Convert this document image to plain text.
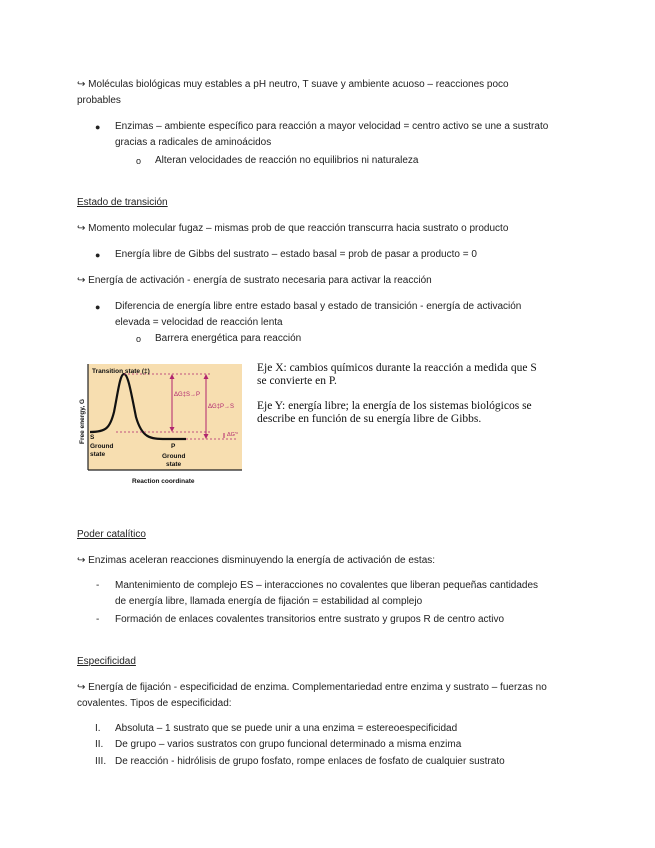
↪ Moléculas biológicas muy estables a pH neutro, T suave y ambiente acuoso – reacciones poco
probables
● Enzimas – ambiente específico para reacción a mayor velocidad = centro activo se une a sustrato
gracias a radicales de aminoácidos
o Alteran velocidades de reacción no equilibrios ni naturaleza
Estado de transición
↪ Momento molecular fugaz – mismas prob de que reacción transcurra hacia sustrato o producto
● Energía libre de Gibbs del sustrato – estado basal = prob de pasar a producto = 0
↪ Energía de activación - energía de sustrato necesaria para activar la reacción
● Diferencia de energía libre entre estado basal y estado de transición - energía de activación
elevada = velocidad de reacción lenta
o Barrera energética para reacción
Transition state (‡)
ΔG‡S→P
ΔG‡P→S
ΔG'°
S
Ground
state
P
Ground
state
Free energy, G
Reaction coordinate
Eje X: cambios químicos durante la reacción a medida que S
se convierte en P.
Eje Y: energía libre; la energía de los sistemas biológicos se
describe en función de su energía libre de Gibbs.
Poder catalítico
↪ Enzimas aceleran reacciones disminuyendo la energía de activación de estas:
- Mantenimiento de complejo ES – interacciones no covalentes que liberan pequeñas cantidades
de energía libre, llamada energía de fijación = estabilidad al complejo
- Formación de enlaces covalentes transitorios entre sustrato y grupos R de centro activo
Especificidad
↪ Energía de fijación - especificidad de enzima. Complementariedad entre enzima y sustrato – fuerzas no
covalentes. Tipos de especificidad:
I. Absoluta – 1 sustrato que se puede unir a una enzima = estereoespecificidad
II. De grupo – varios sustratos con grupo funcional determinado a misma enzima
III. De reacción - hidrólisis de grupo fosfato, rompe enlaces de fosfato de cualquier sustrato
